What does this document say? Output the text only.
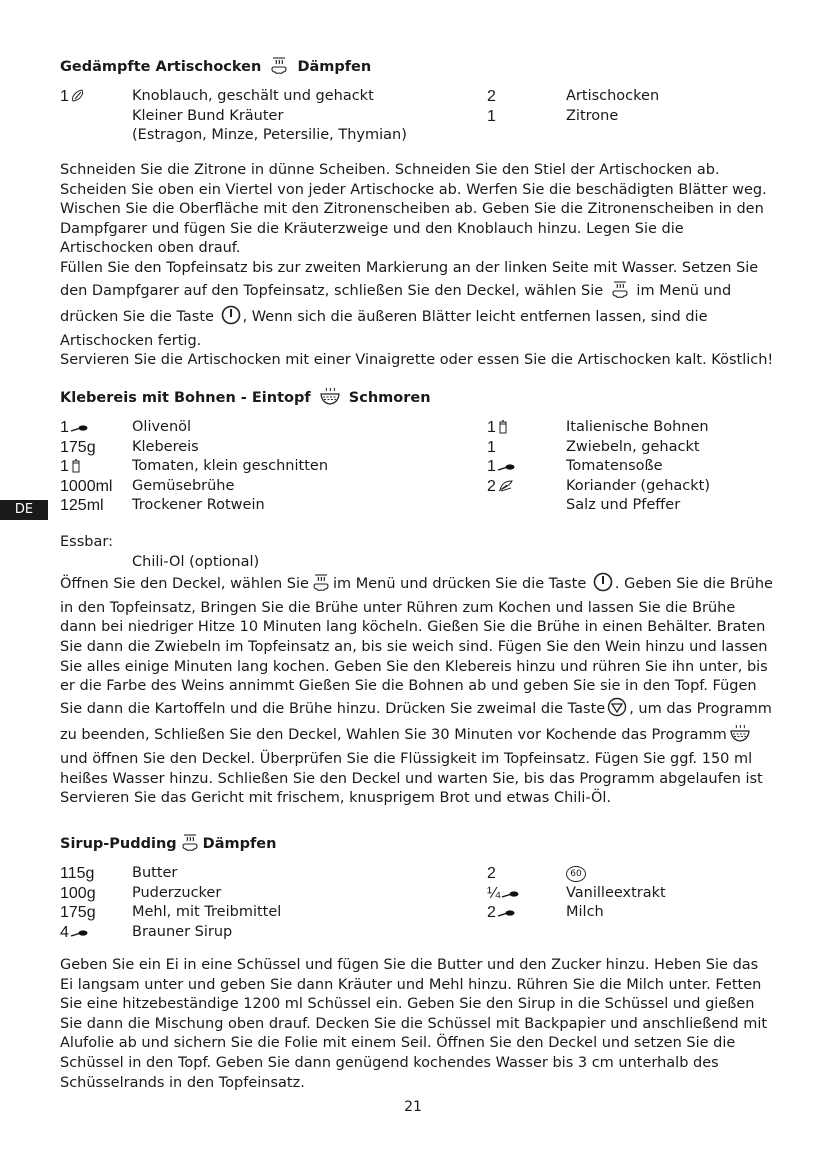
Gedämpfte Artischocken Dämpfen
1	Knoblauch, geschält und gehackt
Kleiner Bund Kräuter
(Estragon, Minze, Petersilie, Thymian)
2	Artischocken
1	Zitrone

Schneiden Sie die Zitrone in dünne Scheiben. Schneiden Sie den Stiel der Artischocken ab. Scheiden Sie oben ein Viertel von jeder Artischocke ab. Werfen Sie die beschädigten Blätter weg. Wischen Sie die Oberfläche mit den Zitronenscheiben ab. Geben Sie die Zitronenscheiben in den Dampfgarer und fügen Sie die Kräuterzweige und den Knoblauch hinzu. Legen Sie die Artischocken oben drauf.

Füllen Sie den Topfeinsatz bis zur zweiten Markierung an der linken Seite mit Wasser. Setzen Sie den Dampfgarer auf den Topfeinsatz, schließen Sie den Deckel, wählen Sie im Menü und drücken Sie die Taste , Wenn sich die äußeren Blätter leicht entfernen lassen, sind die Artischocken fertig.

Servieren Sie die Artischocken mit einer Vinaigrette oder essen Sie die Artischocken kalt. Köstlich!

Klebereis mit Bohnen - Eintopf	Schmoren
1	Olivenöl
175g	Klebereis
1	Tomaten, klein geschnitten
1000ml Gemüsebrühe
125ml Trockener Rotwein
1	Italienische Bohnen
1	Zwiebeln, gehackt
1	Tomatensoße
2	Koriander (gehackt)
Salz und Pfeffer

Essbar:

Chili-Ol (optional)

Öffnen Sie den Deckel, wählen Sie im Menü und drücken Sie die Taste . Geben Sie die Brühe in den Topfeinsatz, Bringen Sie die Brühe unter Rühren zum Kochen und lassen Sie die Brühe dann bei niedriger Hitze 10 Minuten lang köcheln. Gießen Sie die Brühe in einen Behälter. Braten Sie dann die Zwiebeln im Topfeinsatz an, bis sie weich sind. Fügen Sie den Wein hinzu und lassen Sie alles einige Minuten lang kochen. Geben Sie den Klebereis hinzu und rühren Sie ihn unter, bis er die Farbe des Weins annimmt Gießen Sie die Bohnen ab und geben Sie sie in den Topf. Fügen Sie dann die Kartoffeln und die Brühe hinzu. Drücken Sie zweimal die Taste , um das Programm zu beenden, Schließen Sie den Deckel, Wahlen Sie 30 Minuten vor Kochende das Programmund öffnen Sie den Deckel. Überprüfen Sie die Flüssigkeit im Topfeinsatz. Fügen Sie ggf. 150 ml heißes Wasser hinzu. Schließen Sie den Deckel und warten Sie, bis das Programm abgelaufen ist Servieren Sie das Gericht mit frischem, knusprigem Brot und etwas Chili-Öl.

Sirup-Pudding Dämpfen
115g	Butter
100g	Puderzucker
175g	Mehl, mit Treibmittel
4	Brauner Sirup
2	60
¼	Vanilleextrakt
2	Milch

Geben Sie ein Ei in eine Schüssel und fügen Sie die Butter und den Zucker hinzu. Heben Sie das Ei langsam unter und geben Sie dann Kräuter und Mehl hinzu. Rühren Sie die Milch unter. Fetten Sie eine hitzebeständige 1200 ml Schüssel ein. Geben Sie den Sirup in die Schüssel und gießen Sie dann die Mischung oben drauf. Decken Sie die Schüssel mit Backpapier und anschließend mit Alufolie ab und sichern Sie die Folie mit einem Seil. Öffnen Sie den Deckel und setzen Sie die Schüssel in den Topf. Geben Sie dann genügend kochendes Wasser bis 3 cm unterhalb des Schüsselrands in den Topfeinsatz.

DE
21
